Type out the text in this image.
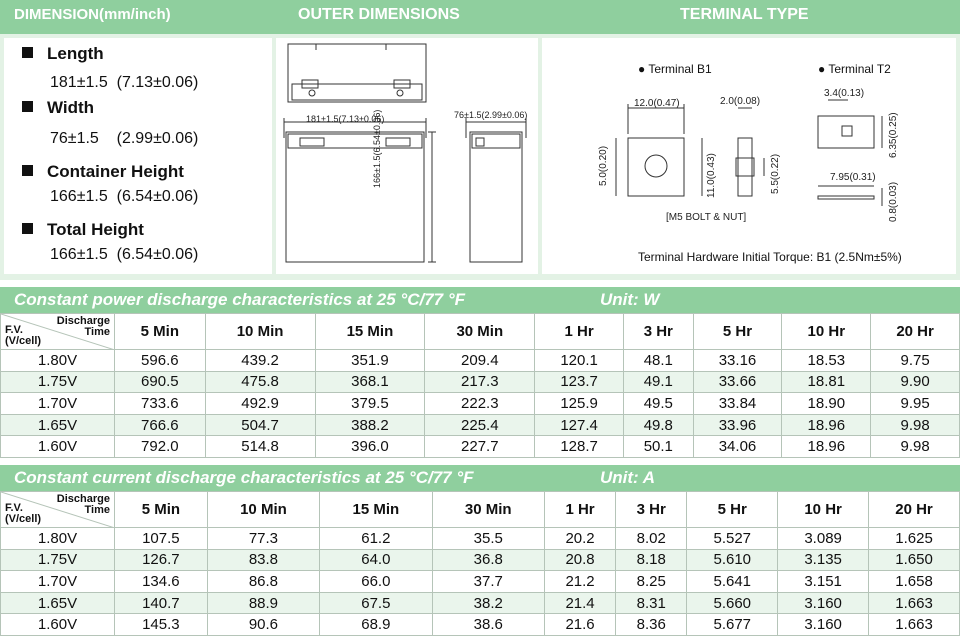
DIMENSION(mm/inch)	OUTER DIMENSIONS	TERMINAL TYPE
Length
181±1.5 (7.13±0.06)
Width
76±1.5 (2.99±0.06)
Container Height
166±1.5 (6.54±0.06)
Total Height
166±1.5 (6.54±0.06)
181±1.5(7.13±0.06)	76±1.5(2.99±0.06)
166±1.5(6.54±0.06)
● Terminal B1	● Terminal T2
12.0(0.47)
5.0(0.20)	11.0(0.43)
2.0(0.08)
5.5(0.22)
[M5 BOLT & NUT]
3.4(0.13)
6.35(0.25)
7.95(0.31)
0.8(0.03)
Terminal Hardware Initial Torque: B1 (2.5Nm±5%)
Constant power discharge characteristics at 25 °C/77 °F	Unit: W
Discharge
Time
F.V.
(V/cell)	5 Min	10 Min	15 Min	30 Min	1 Hr	3 Hr	5 Hr	10 Hr	20 Hr
1.80V	596.6	439.2	351.9	209.4	120.1	48.1	33.16	18.53	9.75
1.75V	690.5	475.8	368.1	217.3	123.7	49.1	33.66	18.81	9.90
1.70V	733.6	492.9	379.5	222.3	125.9	49.5	33.84	18.90	9.95
1.65V	766.6	504.7	388.2	225.4	127.4	49.8	33.96	18.96	9.98
1.60V	792.0	514.8	396.0	227.7	128.7	50.1	34.06	18.96	9.98
Constant current discharge characteristics at 25 °C/77 °F	Unit: A
Discharge
Time
F.V.
(V/cell)	5 Min	10 Min	15 Min	30 Min	1 Hr	3 Hr	5 Hr	10 Hr	20 Hr
1.80V	107.5	77.3	61.2	35.5	20.2	8.02	5.527	3.089	1.625
1.75V	126.7	83.8	64.0	36.8	20.8	8.18	5.610	3.135	1.650
1.70V	134.6	86.8	66.0	37.7	21.2	8.25	5.641	3.151	1.658
1.65V	140.7	88.9	67.5	38.2	21.4	8.31	5.660	3.160	1.663
1.60V	145.3	90.6	68.9	38.6	21.6	8.36	5.677	3.160	1.663
